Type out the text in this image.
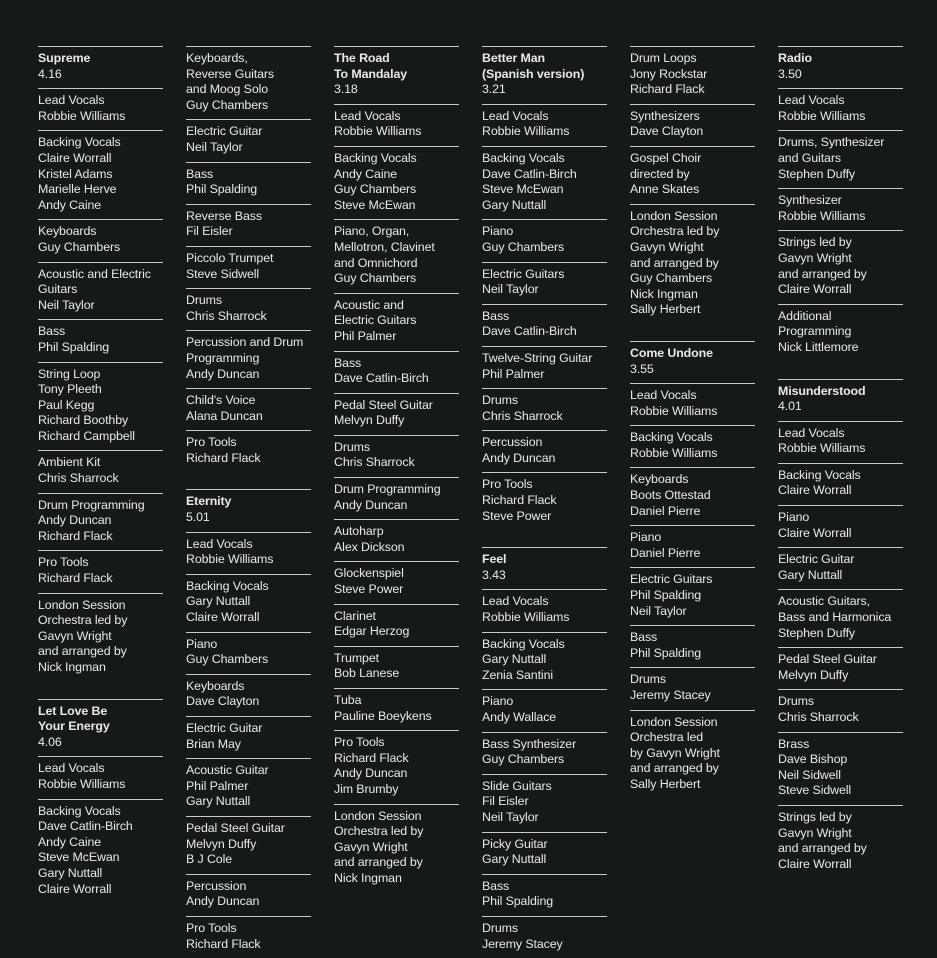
Supreme
4.16
Lead Vocals
Robbie Williams
Backing Vocals
Claire Worrall
Kristel Adams
Marielle Herve
Andy Caine
Keyboards
Guy Chambers
Acoustic and Electric
Guitars
Neil Taylor
Bass
Phil Spalding
String Loop
Tony Pleeth
Paul Kegg
Richard Boothby
Richard Campbell
Ambient Kit
Chris Sharrock
Drum Programming
Andy Duncan
Richard Flack
Pro Tools
Richard Flack
London Session
Orchestra led by
Gavyn Wright
and arranged by
Nick Ingman
Let Love Be
Your Energy
4.06
Lead Vocals
Robbie Williams
Backing Vocals
Dave Catlin-Birch
Andy Caine
Steve McEwan
Gary Nuttall
Claire Worrall
Keyboards,
Reverse Guitars
and Moog Solo
Guy Chambers
Electric Guitar
Neil Taylor
Bass
Phil Spalding
Reverse Bass
Fil Eisler
Piccolo Trumpet
Steve Sidwell
Drums
Chris Sharrock
Percussion and Drum
Programming
Andy Duncan
Child's Voice
Alana Duncan
Pro Tools
Richard Flack
Eternity
5.01
Lead Vocals
Robbie Williams
Backing Vocals
Gary Nuttall
Claire Worrall
Piano
Guy Chambers
Keyboards
Dave Clayton
Electric Guitar
Brian May
Acoustic Guitar
Phil Palmer
Gary Nuttall
Pedal Steel Guitar
Melvyn Duffy
B J Cole
Percussion
Andy Duncan
Pro Tools
Richard Flack
The Road
To Mandalay
3.18
Lead Vocals
Robbie Williams
Backing Vocals
Andy Caine
Guy Chambers
Steve McEwan
Piano, Organ,
Mellotron, Clavinet
and Omnichord
Guy Chambers
Acoustic and
Electric Guitars
Phil Palmer
Bass
Dave Catlin-Birch
Pedal Steel Guitar
Melvyn Duffy
Drums
Chris Sharrock
Drum Programming
Andy Duncan
Autoharp
Alex Dickson
Glockenspiel
Steve Power
Clarinet
Edgar Herzog
Trumpet
Bob Lanese
Tuba
Pauline Boeykens
Pro Tools
Richard Flack
Andy Duncan
Jim Brumby
London Session
Orchestra led by
Gavyn Wright
and arranged by
Nick Ingman
Better Man
(Spanish version)
3.21
Lead Vocals
Robbie Williams
Backing Vocals
Dave Catlin-Birch
Steve McEwan
Gary Nuttall
Piano
Guy Chambers
Electric Guitars
Neil Taylor
Bass
Dave Catlin-Birch
Twelve-String Guitar
Phil Palmer
Drums
Chris Sharrock
Percussion
Andy Duncan
Pro Tools
Richard Flack
Steve Power
Feel
3.43
Lead Vocals
Robbie Williams
Backing Vocals
Gary Nuttall
Zenia Santini
Piano
Andy Wallace
Bass Synthesizer
Guy Chambers
Slide Guitars
Fil Eisler
Neil Taylor
Picky Guitar
Gary Nuttall
Bass
Phil Spalding
Drums
Jeremy Stacey
Drum Loops
Jony Rockstar
Richard Flack
Synthesizers
Dave Clayton
Gospel Choir
directed by
Anne Skates
London Session
Orchestra led by
Gavyn Wright
and arranged by
Guy Chambers
Nick Ingman
Sally Herbert
Come Undone
3.55
Lead Vocals
Robbie Williams
Backing Vocals
Robbie Williams
Keyboards
Boots Ottestad
Daniel Pierre
Piano
Daniel Pierre
Electric Guitars
Phil Spalding
Neil Taylor
Bass
Phil Spalding
Drums
Jeremy Stacey
London Session
Orchestra led
by Gavyn Wright
and arranged by
Sally Herbert
Radio
3.50
Lead Vocals
Robbie Williams
Drums, Synthesizer
and Guitars
Stephen Duffy
Synthesizer
Robbie Williams
Strings led by
Gavyn Wright
and arranged by
Claire Worrall
Additional
Programming
Nick Littlemore
Misunderstood
4.01
Lead Vocals
Robbie Williams
Backing Vocals
Claire Worrall
Piano
Claire Worrall
Electric Guitar
Gary Nuttall
Acoustic Guitars,
Bass and Harmonica
Stephen Duffy
Pedal Steel Guitar
Melvyn Duffy
Drums
Chris Sharrock
Brass
Dave Bishop
Neil Sidwell
Steve Sidwell
Strings led by
Gavyn Wright
and arranged by
Claire Worrall
